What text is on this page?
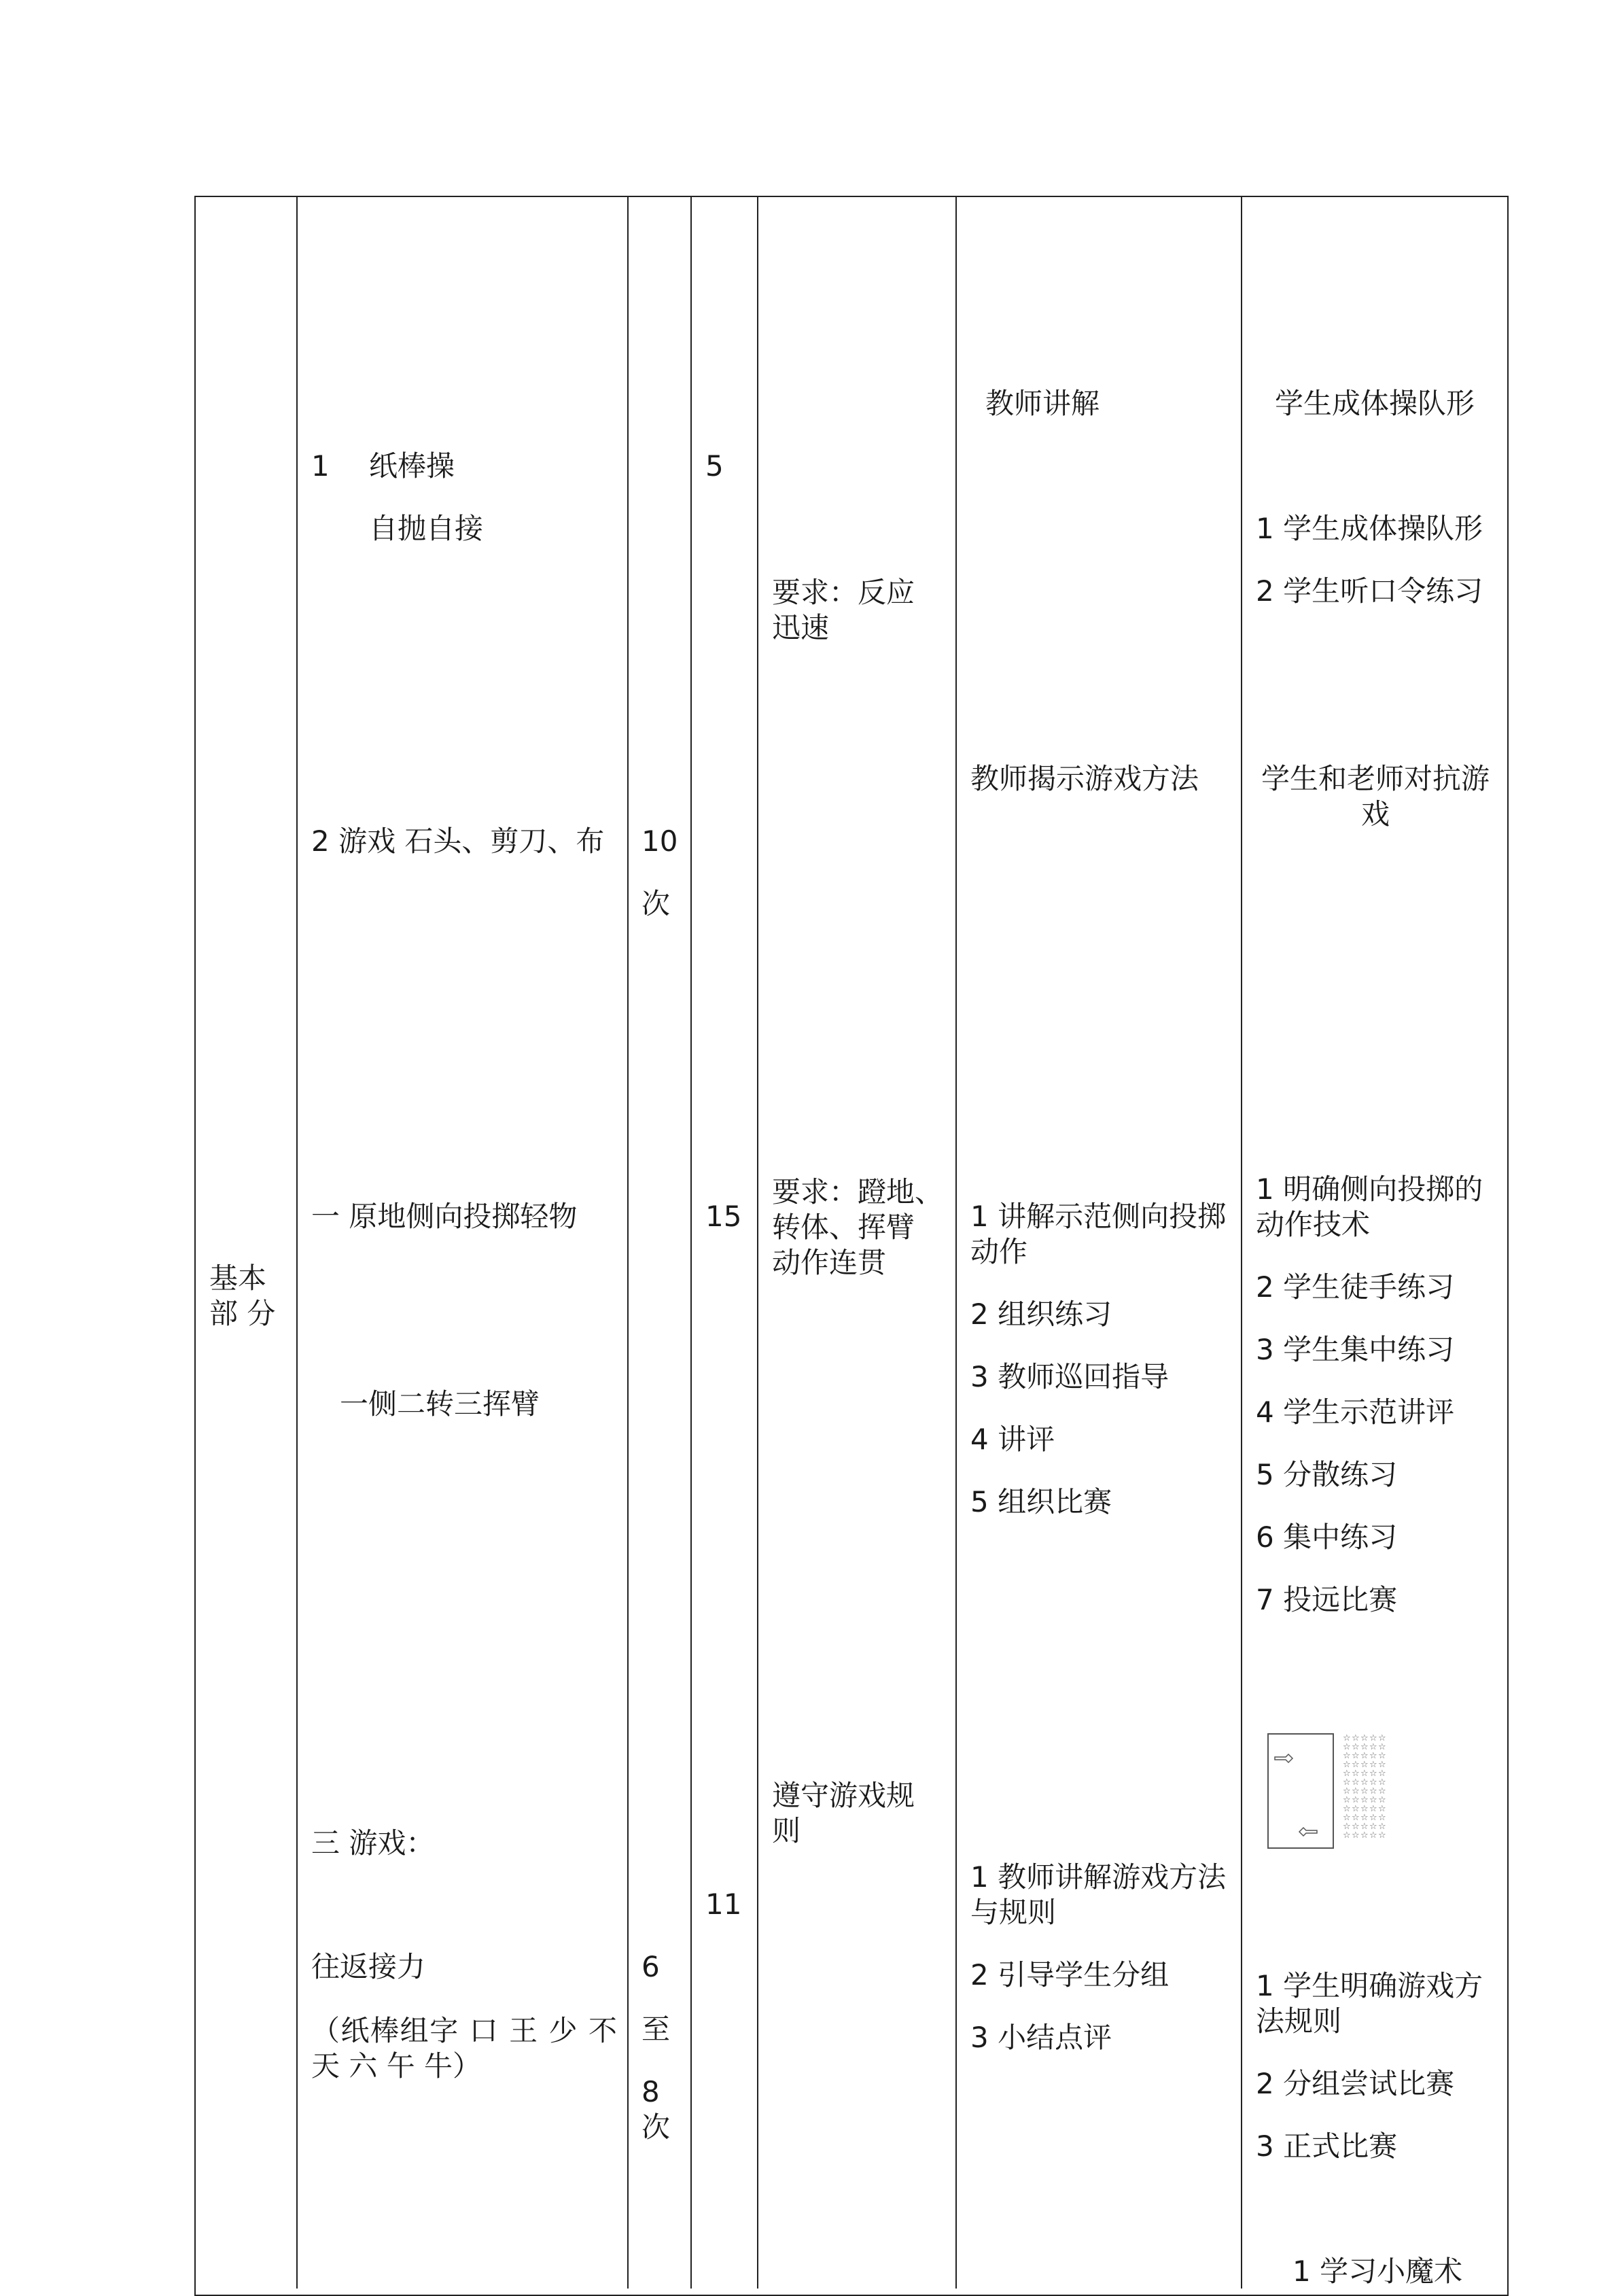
基本
部 分
1 纸棒操
自抛自接
2 游戏 石头、剪刀、布
一 原地侧向投掷轻物
一侧二转三挥臂
三 游戏：
往返接力
（纸棒组字 口 王 少 不 天 六 午 牛）
10
次
6
至
8
次
5
15
11
要求：反应迅速
要求：蹬地、转体、挥臂 动作连贯
遵守游戏规则
教师讲解
教师揭示游戏方法
1 讲解示范侧向投掷动作
2 组织练习
3 教师巡回指导
4 讲评
5 组织比赛
1 教师讲解游戏方法与规则
2 引导学生分组
3 小结点评
学生成体操队形
1 学生成体操队形
2 学生听口令练习
学生和老师对抗游戏
1 明确侧向投掷的动作技术
2 学生徒手练习
3 学生集中练习
4 学生示范讲评
5 分散练习
6 集中练习
7 投远比赛
1 学生明确游戏方法规则
2 分组尝试比赛
3 正式比赛
1 学习小魔术
☆ ☆ ☆ ☆ ☆
☆ ☆ ☆ ☆ ☆
☆ ☆ ☆ ☆ ☆
☆ ☆ ☆ ☆ ☆
☆ ☆ ☆ ☆ ☆
☆ ☆ ☆ ☆ ☆
☆ ☆ ☆ ☆ ☆
☆ ☆ ☆ ☆ ☆
☆ ☆ ☆ ☆ ☆
☆ ☆ ☆ ☆ ☆
☆ ☆ ☆ ☆ ☆
☆ ☆ ☆ ☆ ☆
